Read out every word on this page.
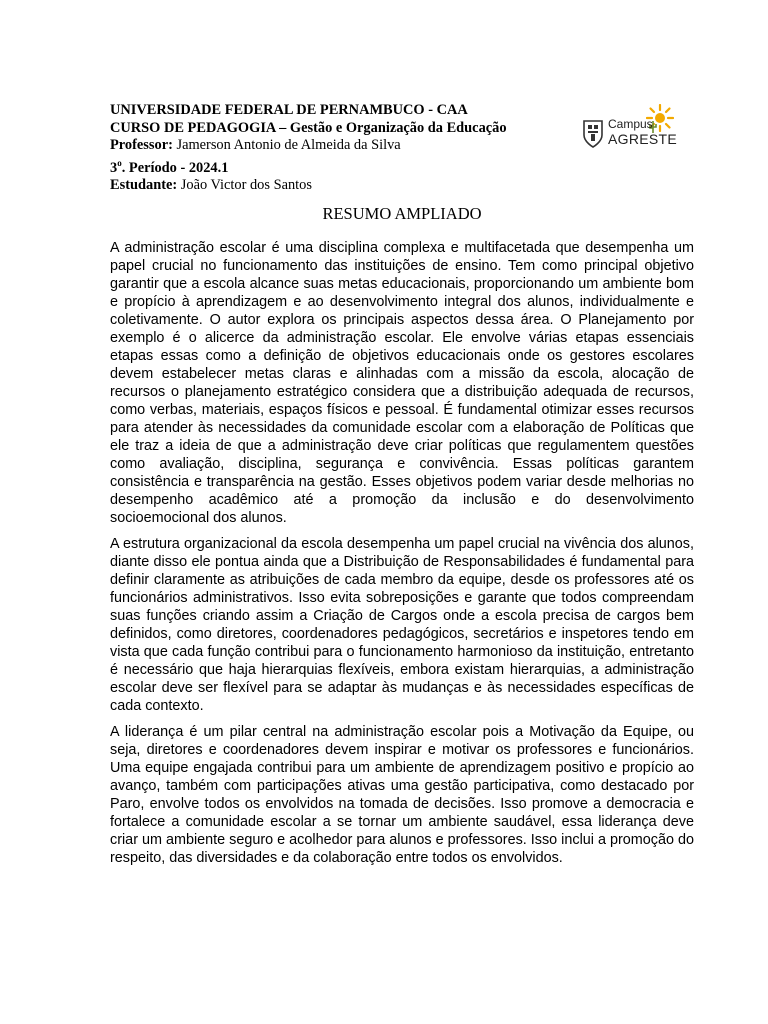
UNIVERSIDADE FEDERAL DE PERNAMBUCO - CAA
CURSO DE PEDAGOGIA – Gestão e Organização da Educação
Professor: Jamerson Antonio de Almeida da Silva
3$^o$. Período - 2024.1
Estudante: João Victor dos Santos
Campus
AGRESTE
RESUMO AMPLIADO

A administração escolar é uma disciplina complexa e multifacetada que desempenha um papel crucial no funcionamento das instituições de ensino. Tem como principal objetivo garantir que a escola alcance suas metas educacionais, proporcionando um ambiente bom e propício à aprendizagem e ao desenvolvimento integral dos alunos, individualmente e coletivamente. O autor explora os principais aspectos dessa área. O Planejamento por exemplo é o alicerce da administração escolar. Ele envolve várias etapas essenciais etapas essas como a definição de objetivos educacionais onde os gestores escolares devem estabelecer metas claras e alinhadas com a missão da escola, alocação de recursos o planejamento estratégico considera que a distribuição adequada de recursos, como verbas, materiais, espaços físicos e pessoal. É fundamental otimizar esses recursos para atender às necessidades da comunidade escolar com a elaboração de Políticas que ele traz a ideia de que a administração deve criar políticas que regulamentem questões como avaliação, disciplina, segurança e convivência. Essas políticas garantem consistência e transparência na gestão. Esses objetivos podem variar desde melhorias no desempenho acadêmico até a promoção da inclusão e do desenvolvimento socioemocional dos alunos.

A estrutura organizacional da escola desempenha um papel crucial na vivência dos alunos, diante disso ele pontua ainda que a Distribuição de Responsabilidades é fundamental para definir claramente as atribuições de cada membro da equipe, desde os professores até os funcionários administrativos. Isso evita sobreposições e garante que todos compreendam suas funções criando assim a Criação de Cargos onde a escola precisa de cargos bem definidos, como diretores, coordenadores pedagógicos, secretários e inspetores tendo em vista que cada função contribui para o funcionamento harmonioso da instituição, entretanto é necessário que haja hierarquias flexíveis, embora existam hierarquias, a administração escolar deve ser flexível para se adaptar às mudanças e às necessidades específicas de cada contexto.

A liderança é um pilar central na administração escolar pois a Motivação da Equipe, ou seja, diretores e coordenadores devem inspirar e motivar os professores e funcionários. Uma equipe engajada contribui para um ambiente de aprendizagem positivo e propício ao avanço, também com participações ativas uma gestão participativa, como destacado por Paro, envolve todos os envolvidos na tomada de decisões. Isso promove a democracia e fortalece a comunidade escolar a se tornar um ambiente saudável, essa liderança deve criar um ambiente seguro e acolhedor para alunos e professores. Isso inclui a promoção do respeito, das diversidades e da colaboração entre todos os envolvidos.
